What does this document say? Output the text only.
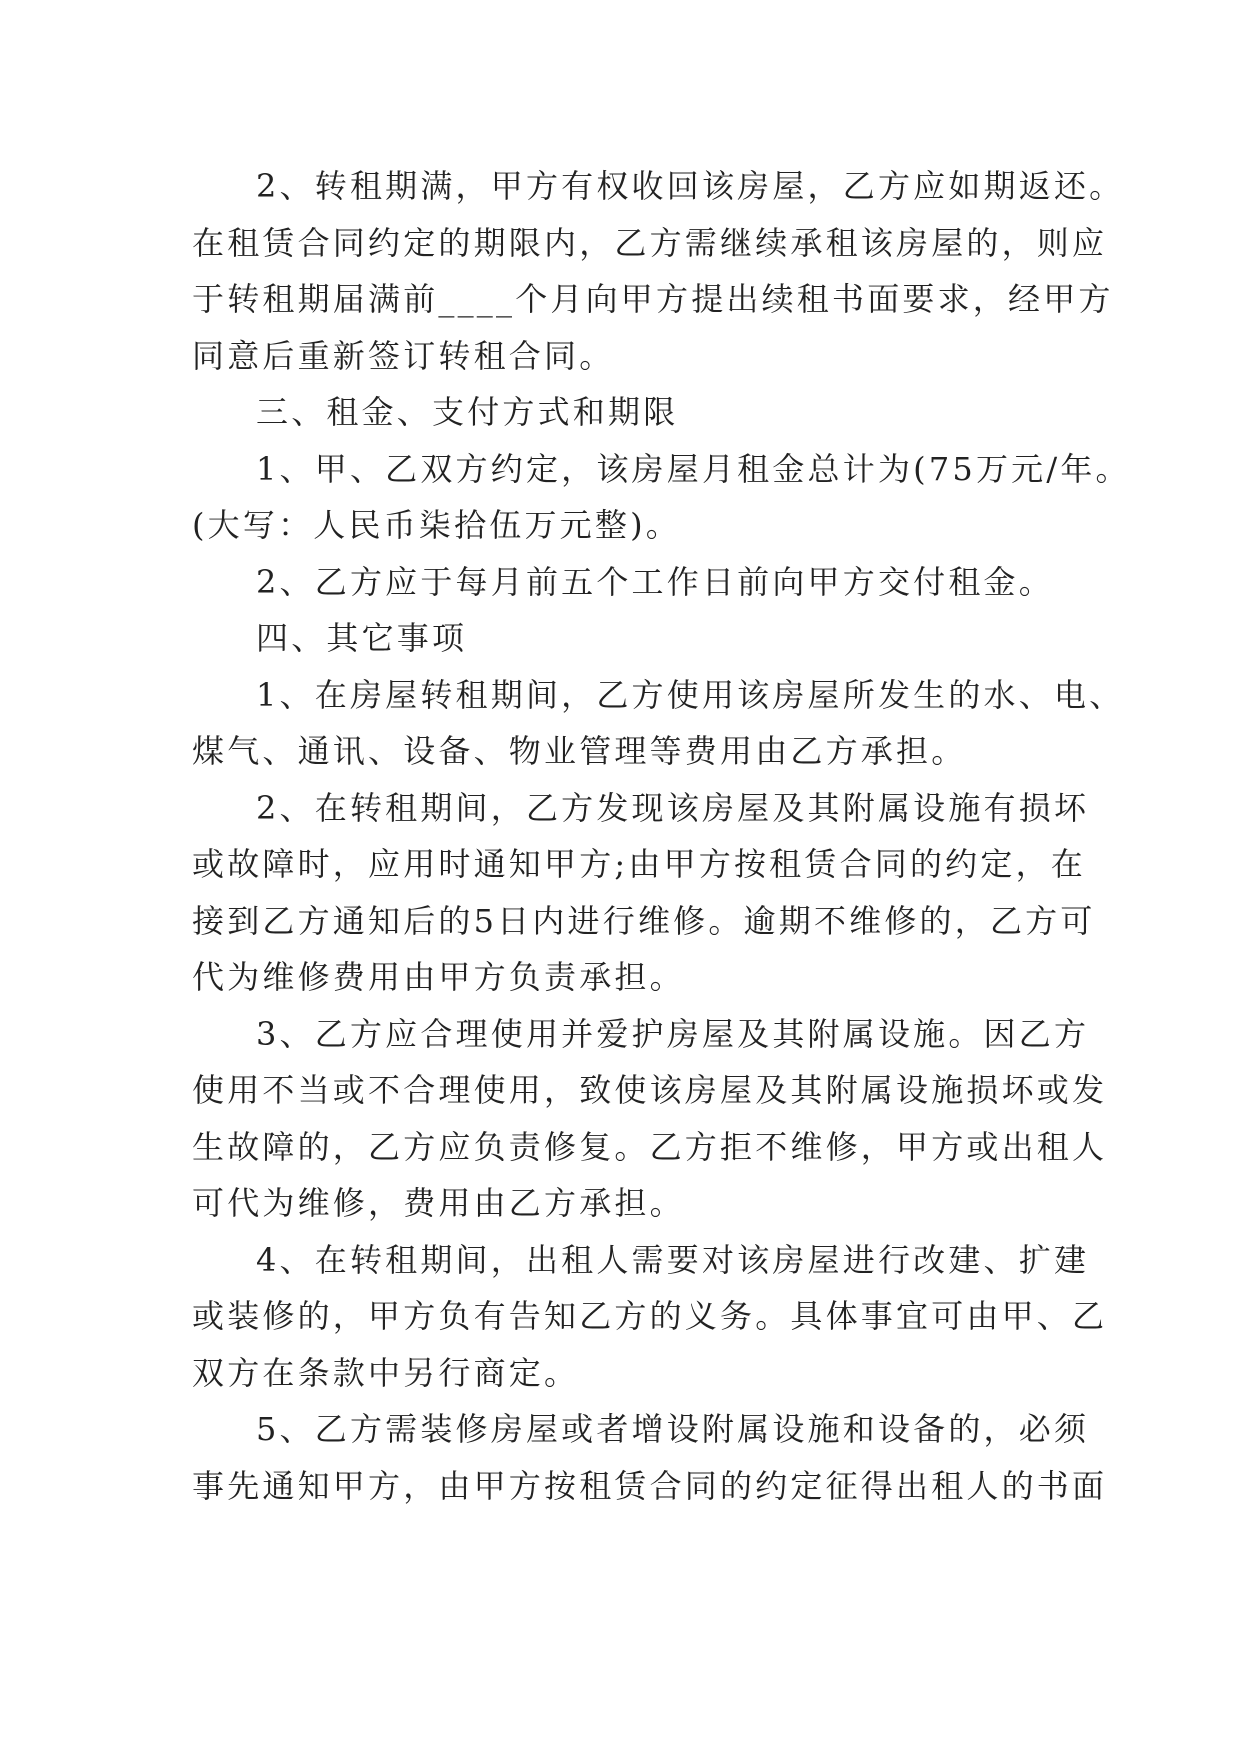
2、转租期满，甲方有权收回该房屋，乙方应如期返还。
在租赁合同约定的期限内，乙方需继续承租该房屋的，则应
于转租期届满前____个月向甲方提出续租书面要求，经甲方
同意后重新签订转租合同。

三、租金、支付方式和期限

1、甲、乙双方约定，该房屋月租金总计为(75万元/年。
(大写：人民币柒拾伍万元整)。

2、乙方应于每月前五个工作日前向甲方交付租金。

四、其它事项

1、在房屋转租期间，乙方使用该房屋所发生的水、电、
煤气、通讯、设备、物业管理等费用由乙方承担。

2、在转租期间，乙方发现该房屋及其附属设施有损坏
或故障时，应用时通知甲方;由甲方按租赁合同的约定，在
接到乙方通知后的5日内进行维修。逾期不维修的，乙方可
代为维修费用由甲方负责承担。

3、乙方应合理使用并爱护房屋及其附属设施。因乙方
使用不当或不合理使用，致使该房屋及其附属设施损坏或发
生故障的，乙方应负责修复。乙方拒不维修，甲方或出租人
可代为维修，费用由乙方承担。

4、在转租期间，出租人需要对该房屋进行改建、扩建
或装修的，甲方负有告知乙方的义务。具体事宜可由甲、乙
双方在条款中另行商定。

5、乙方需装修房屋或者增设附属设施和设备的，必须
事先通知甲方，由甲方按租赁合同的约定征得出租人的书面
